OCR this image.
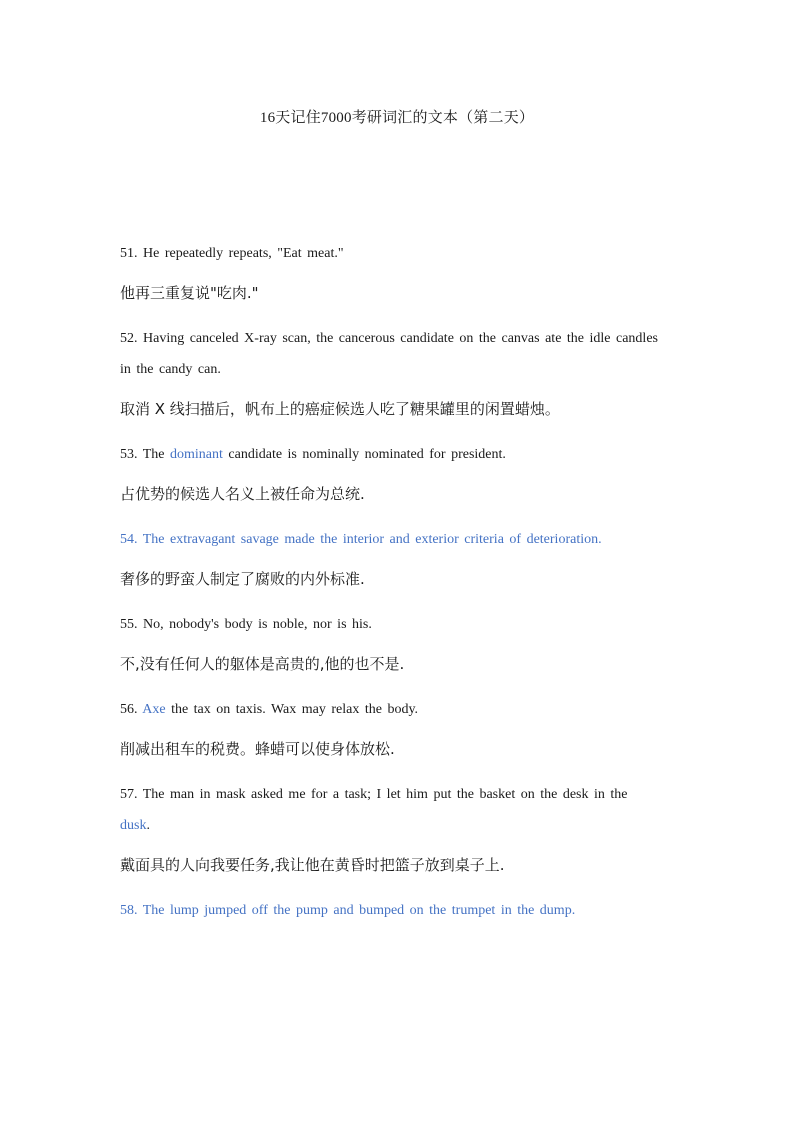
16天记住7000考研词汇的文本（第二天）

51. He repeatedly repeats, "Eat meat."

他再三重复说"吃肉."

52. Having canceled X-ray scan, the cancerous candidate on the canvas ate the idle candles in the candy can.

取消 X 线扫描后，帆布上的癌症候选人吃了糖果罐里的闲置蜡烛。

53. The dominant candidate is nominally nominated for president.

占优势的候选人名义上被任命为总统.

54. The extravagant savage made the interior and exterior criteria of deterioration.

奢侈的野蛮人制定了腐败的内外标准.

55. No, nobody's body is noble, nor is his.

不,没有任何人的躯体是高贵的,他的也不是.

56. Axe the tax on taxis. Wax may relax the body.

削减出租车的税费。蜂蜡可以使身体放松.

57. The man in mask asked me for a task; I let him put the basket on the desk in the dusk.

戴面具的人向我要任务,我让他在黄昏时把篮子放到桌子上.

58. The lump jumped off the pump and bumped on the trumpet in the dump.
